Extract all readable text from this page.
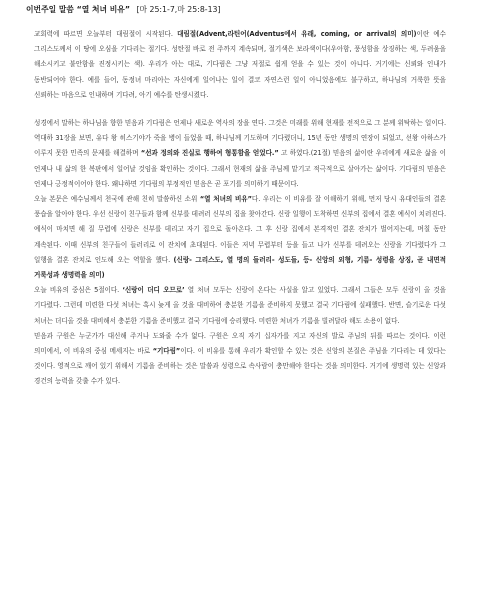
이번주일 말씀 “열 처녀 비유” [마 25:1-7,마 25:8-13]

교회력에 따르면 오늘부터 대림절이 시작된다. 대림절(Advent,라틴어(Adventus에서 유래, coming, or arrival의 의미)이란 예수 그리스도께서 이 땅에 오심을 기다리는 절기다. 성탄절 바로 전 주까지 계속되며, 절기색은 보라색이다(우아함, 풍성함을 상징하는 색, 두려움을 해소시키고 불안함을 진정시키는 색). 우리가 아는 대로, 기다림은 그냥 저절로 쉽게 얻을 수 있는 것이 아니다. 거기에는 신뢰와 인내가 동반되어야 한다. 예를 들어, 동정녀 마리아는 자신에게 일어나는 일이 결코 자연스런 일이 아니었음에도 불구하고, 하나님의 거룩한 뜻을 신뢰하는 마음으로 인내하며 기다려, 아기 예수를 탄생시켰다.

성경에서 말하는 하나님을 향한 믿음과 기다림은 언제나 새로운 역사의 장을 연다. 그것은 미래를 위해 현재를 전적으로 그 분께 위탁하는 일이다. 역대하 31장을 보면, 유다 왕 히스기야가 죽을 병이 들었을 때, 하나님께 기도하며 기다렸더니, 15년 동안 생명의 연장이 되었고, 선왕 아하스가 이루지 못한 민족의 문제를 해결하며 “선과 정의와 진실로 행하여 형통함을 얻었다.” 고 하였다.(21절) 믿음의 삶이란 우리에게 새로운 삶을 이 언제나 내 삶의 한 복판에서 일어날 것임을 확인하는 것이다. 그래서 현재의 삶을 주님께 맡기고 적극적으로 살아가는 삶이다. 기다림의 믿음은 언제나 긍정적이어야 한다. 왜냐하면 기다림의 부정적인 믿음은 곧 포기를 의미하기 때문이다.

오늘 본문은 예수님께서 천국에 관해 친히 말씀하신 소위 “열 처녀의 비유”다. 우리는 이 비유를 잘 이해하기 위해, 먼저 당시 유대인들의 결혼 풍습을 알아야 한다. 우선 신랑이 친구들과 함께 신부를 데려러 신부의 집을 찾아간다. 신랑 일행이 도착하면 신부의 집에서 결혼 예식이 치러진다. 예식이 마치면 해 질 무렵에 신랑은 신부를 데리고 자기 집으로 돌아온다. 그 후 신랑 집에서 본격적인 결혼 잔치가 벌어지는데, 며칠 동안 계속된다. 이때 신부의 친구들이 들러리로 이 잔치에 초대된다. 이들은 저녁 무렵부터 등을 들고 나가 신부를 데려오는 신랑을 기다렸다가 그 일행을 결혼 잔치로 인도해 오는 역할을 했다. (신랑- 그리스도, 열 명의 들러리- 성도들, 등- 신앙의 외형, 기름- 성령을 상징, 곧 내면적 거룩성과 생명력을 의미)

오늘 비유의 중심은 5절이다. ‘신랑이 더디 오므로’ 열 처녀 모두는 신랑이 온다는 사실을 알고 있었다. 그래서 그들은 모두 신랑이 올 것을 기다렸다. 그런데 미련한 다섯 처녀는 혹시 늦게 올 것을 대비하여 충분한 기름을 준비하지 못했고 결국 기다림에 실패했다. 반면, 슬기로운 다섯 처녀는 더디올 것을 대비해서 충분한 기름을 준비했고 결국 기다림에 승리했다. 미련한 처녀가 기름을 빌려달라 해도 소용이 없다.

믿음과 구원은 누군가가 대신해 주거나 도와줄 수가 없다. 구원은 오직 자기 십자가를 지고 자신의 발로 주님의 뒤를 따르는 것이다. 이런 의미에서, 이 비유의 중심 메세지는 바로 “기다림”이다. 이 비유를 통해 우리가 확인할 수 있는 것은 신앙의 본질은 주님을 기다리는 데 있다는 것이다. 영적으로 깨어 있기 위해서 기름을 준비하는 것은 말씀과 성령으로 속사람이 충만해야 한다는 것을 의미한다. 거기에 생명력 있는 신앙과 경건의 능력을 갖출 수가 있다.
